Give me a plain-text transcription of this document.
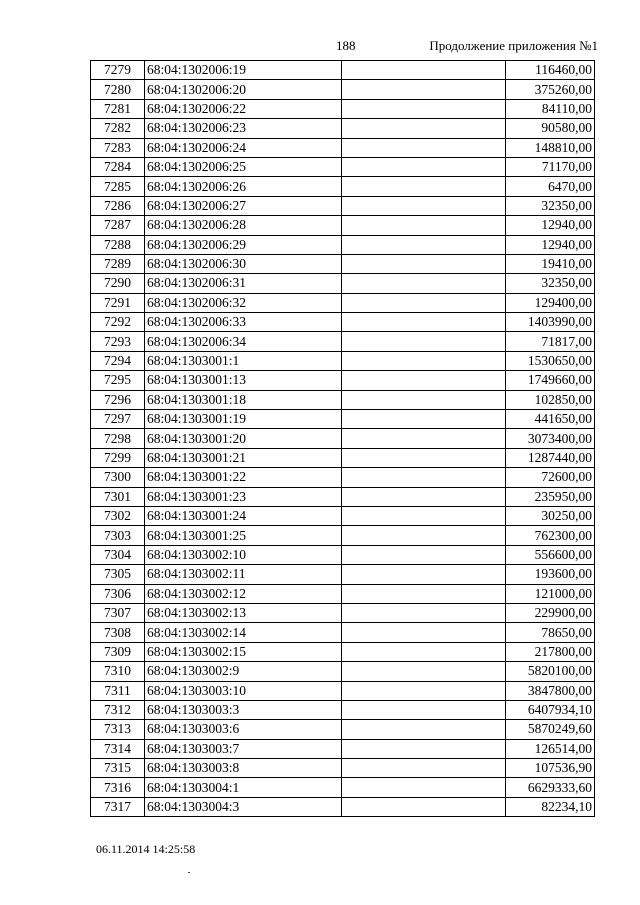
188	Продолжение приложения №1
7279	68:04:1302006:19		116460,00
7280	68:04:1302006:20		375260,00
7281	68:04:1302006:22		84110,00
7282	68:04:1302006:23		90580,00
7283	68:04:1302006:24		148810,00
7284	68:04:1302006:25		71170,00
7285	68:04:1302006:26		6470,00
7286	68:04:1302006:27		32350,00
7287	68:04:1302006:28		12940,00
7288	68:04:1302006:29		12940,00
7289	68:04:1302006:30		19410,00
7290	68:04:1302006:31		32350,00
7291	68:04:1302006:32		129400,00
7292	68:04:1302006:33		1403990,00
7293	68:04:1302006:34		71817,00
7294	68:04:1303001:1		1530650,00
7295	68:04:1303001:13		1749660,00
7296	68:04:1303001:18		102850,00
7297	68:04:1303001:19		441650,00
7298	68:04:1303001:20		3073400,00
7299	68:04:1303001:21		1287440,00
7300	68:04:1303001:22		72600,00
7301	68:04:1303001:23		235950,00
7302	68:04:1303001:24		30250,00
7303	68:04:1303001:25		762300,00
7304	68:04:1303002:10		556600,00
7305	68:04:1303002:11		193600,00
7306	68:04:1303002:12		121000,00
7307	68:04:1303002:13		229900,00
7308	68:04:1303002:14		78650,00
7309	68:04:1303002:15		217800,00
7310	68:04:1303002:9		5820100,00
7311	68:04:1303003:10		3847800,00
7312	68:04:1303003:3		6407934,10
7313	68:04:1303003:6		5870249,60
7314	68:04:1303003:7		126514,00
7315	68:04:1303003:8		107536,90
7316	68:04:1303004:1		6629333,60
7317	68:04:1303004:3		82234,10
06.11.2014 14:25:58
